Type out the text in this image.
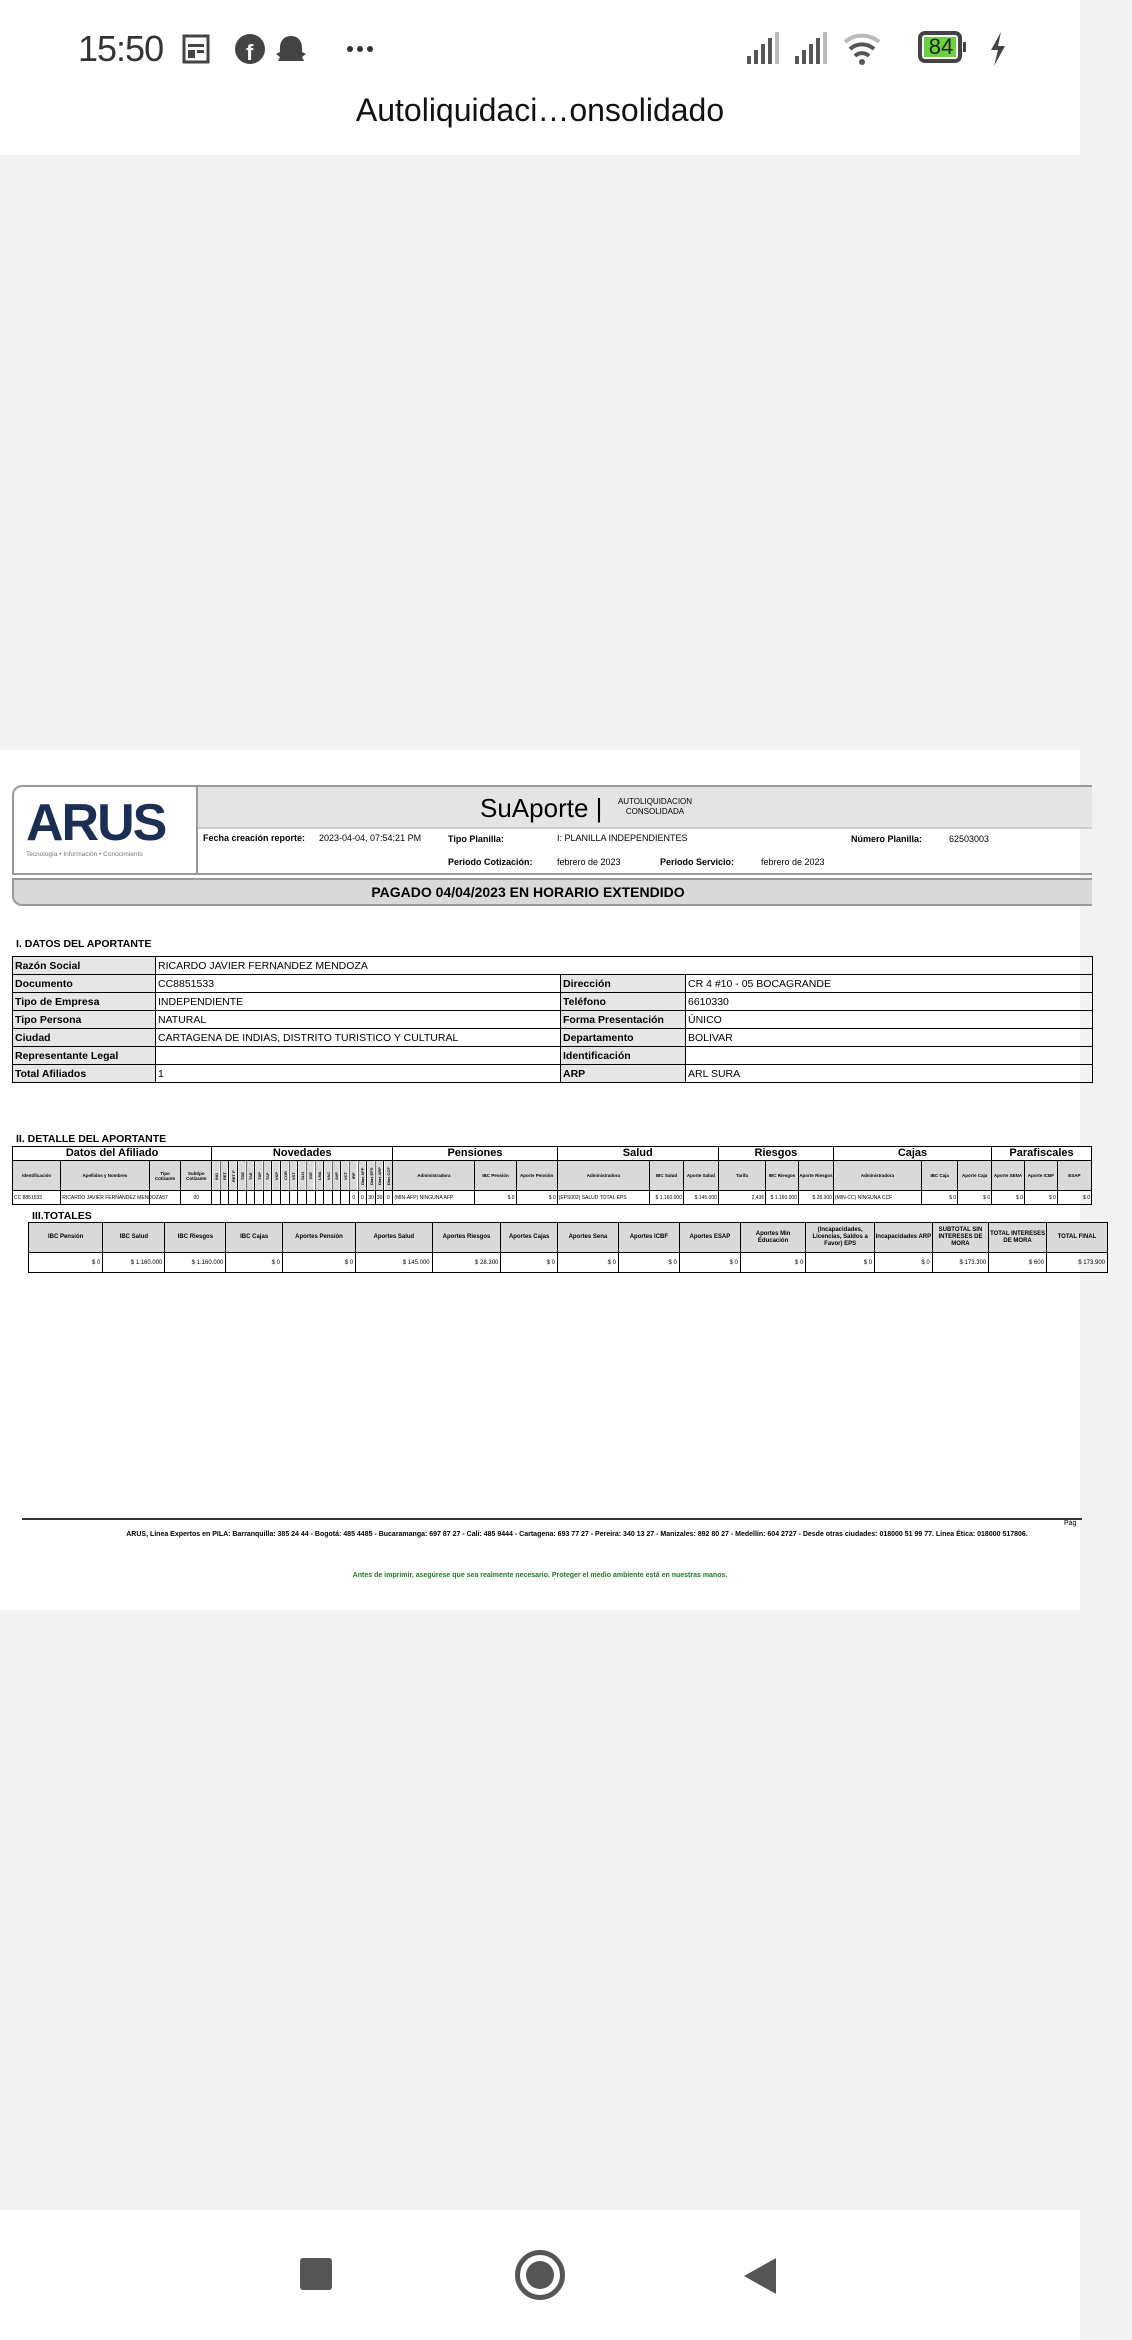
15:50	f	84
Autoliquidaci…onsolidado
ARUS
Tecnología • Información • Conocimiento
SuAporte |	AUTOLIQUIDACION
CONSOLIDADA
Fecha creación reporte: 2023-04-04, 07:54:21 PM	Tipo Planilla:	I: PLANILLA INDEPENDIENTES	Número Planilla:	62503003
Periodo Cotización:	febrero de 2023	Periodo Servicio:	febrero de 2023
PAGADO 04/04/2023 EN HORARIO EXTENDIDO
I. DATOS DEL APORTANTE
Razón Social	RICARDO JAVIER FERNANDEZ MENDOZA		
Documento	CC8851533	Dirección	CR 4 #10 - 05 BOCAGRANDE
Tipo de Empresa	INDEPENDIENTE	Teléfono	6610330
Tipo Persona	NATURAL	Forma Presentación	ÚNICO
Ciudad	CARTAGENA DE INDIAS, DISTRITO TURISTICO Y CULTURAL	Departamento	BOLIVAR
Representante Legal		Identificación	
Total Afiliados	1	ARP	ARL SURA
II. DETALLE DEL APORTANTE
Datos del Afiliado				Novedades																					Pensiones			Salud			Riesgos			Cajas			Parafiscales		
Identificación	Apellidos y Nombres	Tipo Cotizante	Subtipo Cotizante	ING	RET	RET P	TDE	TAE	TDP	TAP	VSP	COR	VST	SLN	IGE	LMA	VAC	AVP	VCT	IRP	Días AFP	Días EPS	Días ARP	Días CCF	Administradora	IBC Pensión	Aporte Pensión	Administradora	IBC Salud	Aporte Salud	Tarifa	IBC Riesgos	Aporte Riesgos	Administradora	IBC Caja	Aporte Caja	Aporte SENA	Aporte ICBF	ESAP
CC 8851533	RICARDO JAVIER FERNANDEZ MENDOZA	57	00																	0	0	30	30	0	(MIN-AFP) NINGUNA AFP	$ 0	$ 0	(EPS002) SALUD TOTAL EPS	$ 1.160.000	$ 145.000	2,436	$ 1.160.000	$ 28.300	(MIN-CC) NINGUNA CCF	$ 0	$ 0	$ 0	$ 0	$ 0
III.TOTALES
IBC Pensión	IBC Salud	IBC Riesgos	IBC Cajas	Aportes Pensión	Aportes Salud	Aportes Riesgos	Aportes Cajas	Aportes Sena	Aportes ICBF	Aportes ESAP	Aportes Min Educación	(Incapacidades, Licencias, Saldos a Favor) EPS	Incapacidades ARP	SUBTOTAL SIN INTERESES DE MORA	TOTAL INTERESES DE MORA	TOTAL FINAL
$ 0	$ 1.160.000	$ 1.160.000	$ 0	$ 0	$ 145.000	$ 28.300	$ 0	$ 0	$ 0	$ 0	$ 0	$ 0	$ 0	$ 173.300	$ 600	$ 173.900
Pág
ARUS, Línea Expertos en PILA: Barranquilla: 385 24 44 - Bogotá: 485 4485 - Bucaramanga: 697 87 27 - Cali: 485 9444 - Cartagena: 693 77 27 - Pereira: 340 13 27 - Manizales: 892 80 27 - Medellín: 604 2727 - Desde otras ciudades: 018000 51 99 77. Línea Ética: 018000 517806.
Antes de imprimir, asegúrese que sea realmente necesario. Proteger el medio ambiente está en nuestras manos.
